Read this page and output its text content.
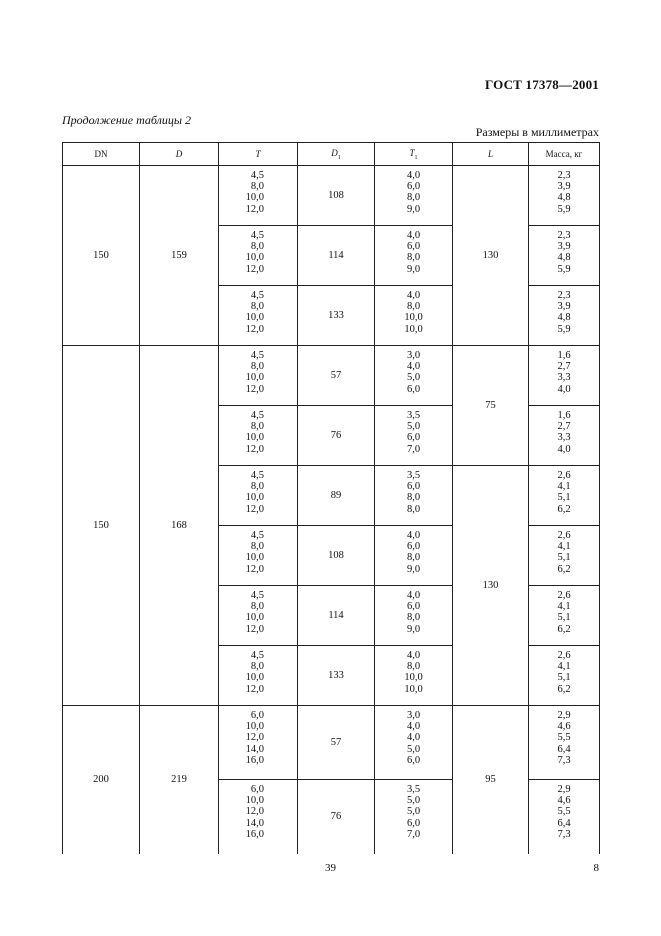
ГОСТ 17378—2001
Продолжение таблицы 2
Размеры в миллиметрах
DN	D	T	$D_1$	$T_1$	L	Масса, кг
150	159	4,5
8,0
10,0
12,0	108	4,0
6,0
8,0
9,0	130	2,3
3,9
4,8
5,9

		4,5
8,0
10,0
12,0	114	4,0
6,0
8,0
9,0		2,3
3,9
4,8
5,9

		4,5
8,0
10,0
12,0	133	4,0
8,0
10,0
10,0		2,3
3,9
4,8
5,9

150	168	4,5
8,0
10,0
12,0	57	3,0
4,0
5,0
6,0	75	1,6
2,7
3,3
4,0

		4,5
8,0
10,0
12,0	76	3,5
5,0
6,0
7,0		1,6
2,7
3,3
4,0

		4,5
8,0
10,0
12,0	89	3,5
6,0
8,0
8,0	130	2,6
4,1
5,1
6,2

		4,5
8,0
10,0
12,0	108	4,0
6,0
8,0
9,0		2,6
4,1
5,1
6,2

		4,5
8,0
10,0
12,0	114	4,0
6,0
8,0
9,0		2,6
4,1
5,1
6,2

		4,5
8,0
10,0
12,0	133	4,0
8,0
10,0
10,0		2,6
4,1
5,1
6,2

200	219	6,0
10,0
12,0
14,0
16,0	57	3,0
4,0
4,0
5,0
6,0	95	2,9
4,6
5,5
6,4
7,3

		6,0
10,0
12,0
14,0
16,0	76	3,5
5,0
5,0
6,0
7,0		2,9
4,6
5,5
6,4
7,3
39	8
